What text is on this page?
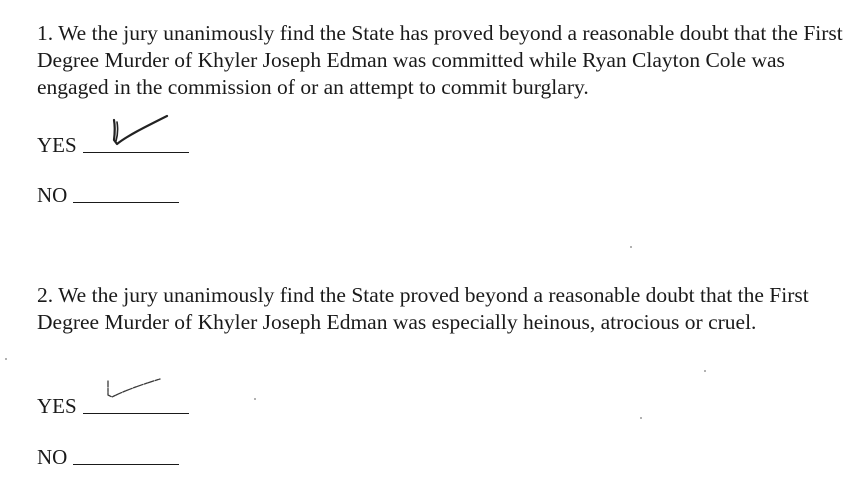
1. We the jury unanimously find the State has proved beyond a reasonable doubt that the First Degree Murder of Khyler Joseph Edman was committed while Ryan Clayton Cole was engaged in the commission of or an attempt to commit burglary.

YES
NO

2. We the jury unanimously find the State proved beyond a reasonable doubt that the First Degree Murder of Khyler Joseph Edman was especially heinous, atrocious or cruel.

YES
NO
